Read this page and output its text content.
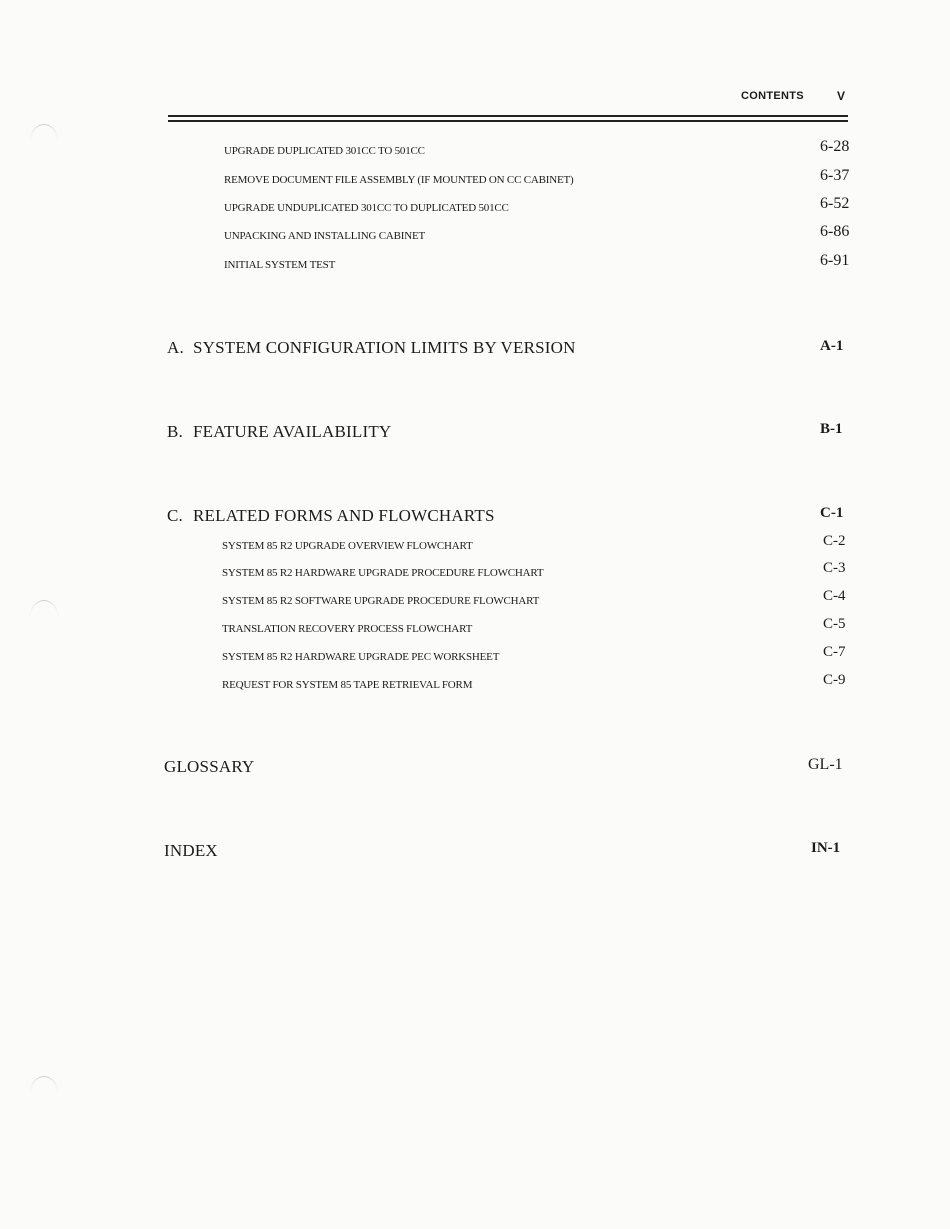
CONTENTS	V
UPGRADE DUPLICATED 301CC TO 501CC	6-28
REMOVE DOCUMENT FILE ASSEMBLY (IF MOUNTED ON CC CABINET)	6-37
UPGRADE UNDUPLICATED 301CC TO DUPLICATED 501CC	6-52
UNPACKING AND INSTALLING CABINET	6-86
INITIAL SYSTEM TEST	6-91
A. SYSTEM CONFIGURATION LIMITS BY VERSION	A-1
B. FEATURE AVAILABILITY	B-1
C. RELATED FORMS AND FLOWCHARTS	C-1
SYSTEM 85 R2 UPGRADE OVERVIEW FLOWCHART	C-2
SYSTEM 85 R2 HARDWARE UPGRADE PROCEDURE FLOWCHART	C-3
SYSTEM 85 R2 SOFTWARE UPGRADE PROCEDURE FLOWCHART	C-4
TRANSLATION RECOVERY PROCESS FLOWCHART	C-5
SYSTEM 85 R2 HARDWARE UPGRADE PEC WORKSHEET	C-7
REQUEST FOR SYSTEM 85 TAPE RETRIEVAL FORM	C-9
GLOSSARY	GL-1
INDEX	IN-1
